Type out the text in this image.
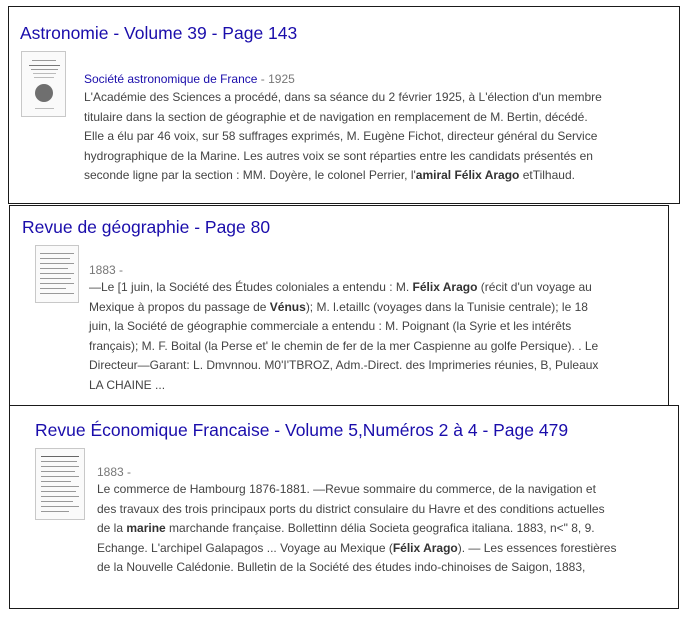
Astronomie - Volume 39 - Page 143
Société astronomique de France - 1925
L'Académie des Sciences a procédé, dans sa séance du 2 février 1925, à L'élection d'un membre
titulaire dans la section de géographie et de navigation en remplacement de M. Bertin, décédé.
Elle a élu par 46 voix, sur 58 suffrages exprimés, M. Eugène Fichot, directeur général du Service
hydrographique de la Marine. Les autres voix se sont réparties entre les candidats présentés en
seconde ligne par la section : MM. Doyère, le colonel Perrier, l'amiral Félix Arago etTilhaud.
Revue de géographie - Page 80
1883 -
—Le [1 juin, la Société des Études coloniales a entendu : M. Félix Arago (récit d'un voyage au
Mexique à propos du passage de Vénus); M. l.etaillc (voyages dans la Tunisie centrale); le 18
juin, la Société de géographie commerciale a entendu : M. Poignant (la Syrie et les intérêts
français); M. F. Boital (la Perse et' le chemin de fer de la mer Caspienne au golfe Persique). . Le
Directeur—Garant: L. Dmvnnou. M0'I'TBROZ, Adm.-Direct. des Imprimeries réunies, B, Puleaux
LA CHAINE ...
Revue Économique Francaise - Volume 5,Numéros 2 à 4 - Page 479
1883 -
Le commerce de Hambourg 1876-1881. —Revue sommaire du commerce, de la navigation et
des travaux des trois principaux ports du district consulaire du Havre et des conditions actuelles
de la marine marchande française. Bollettinn délia Societa geografica italiana. 1883, n<" 8, 9.
Echange. L'archipel Galapagos ... Voyage au Mexique (Félix Arago). — Les essences forestières
de la Nouvelle Calédonie. Bulletin de la Société des études indo-chinoises de Saigon, 1883,
